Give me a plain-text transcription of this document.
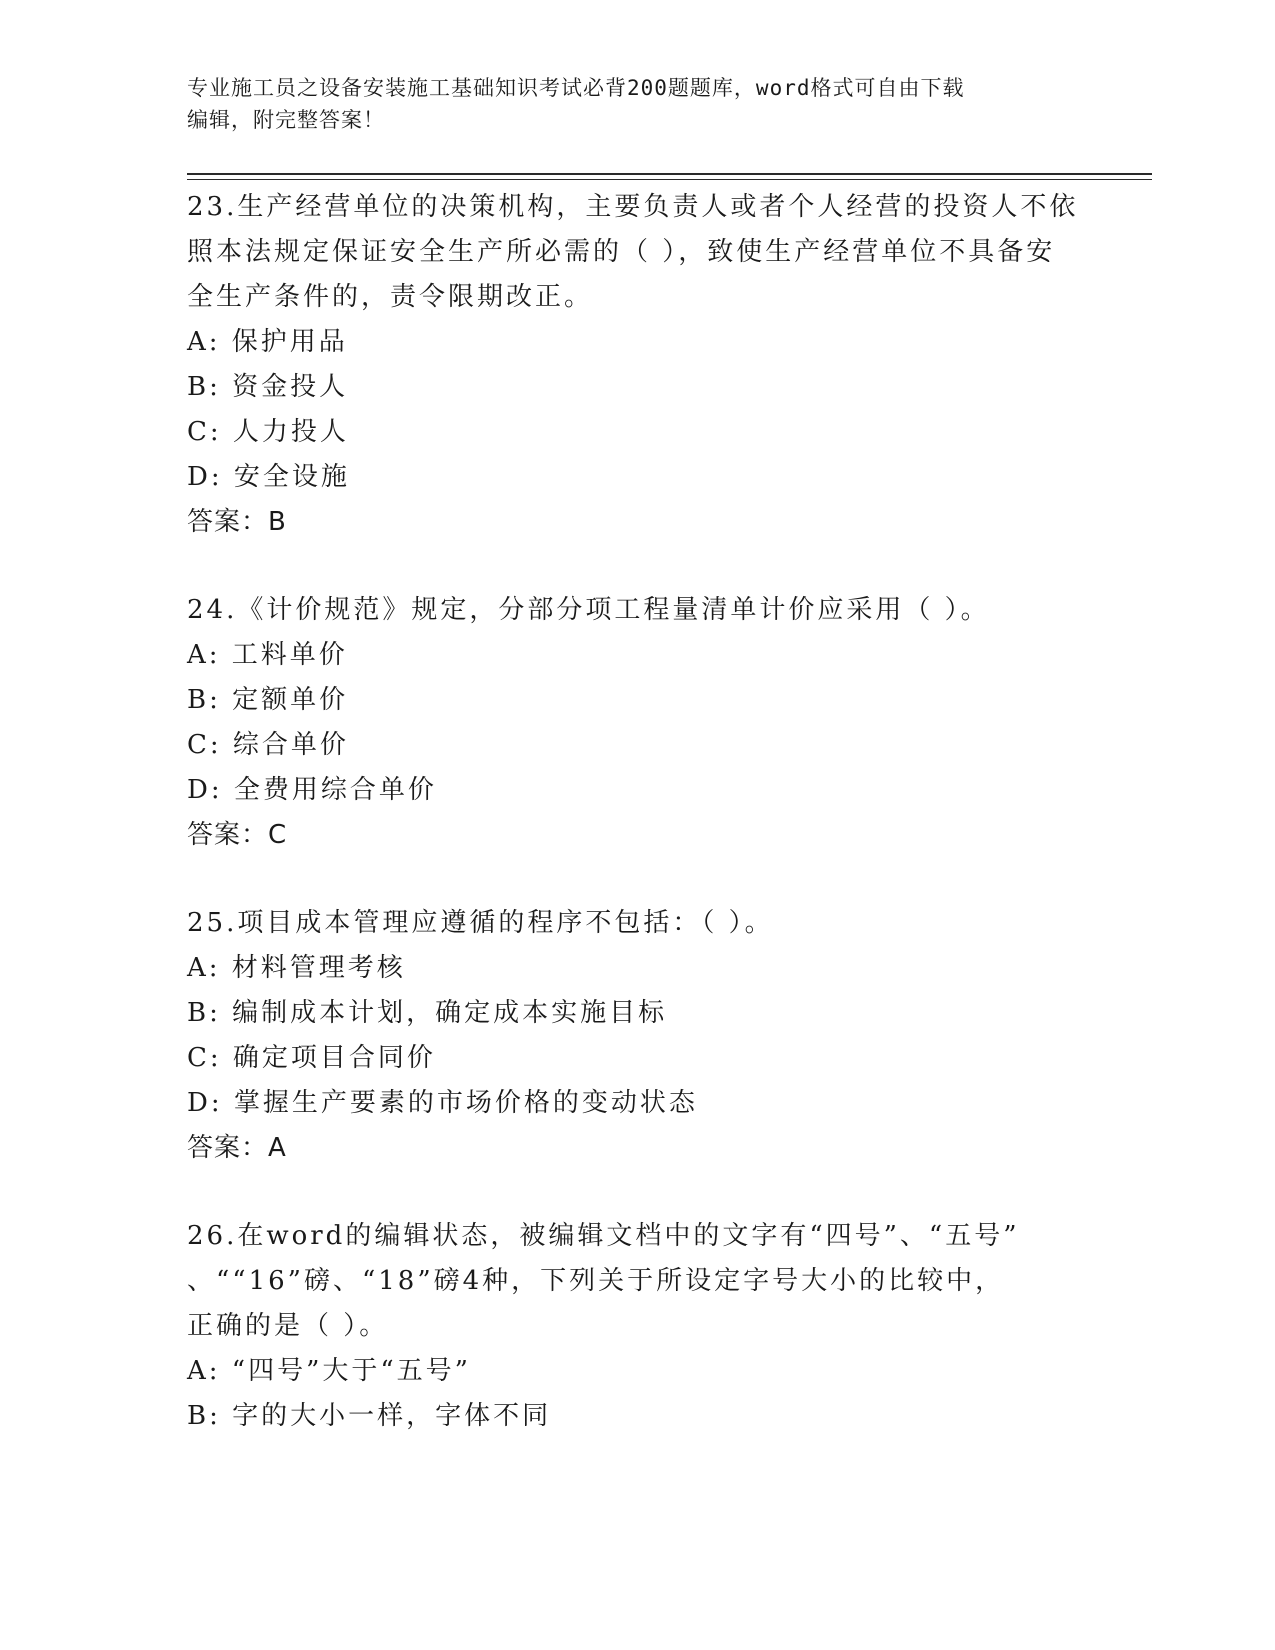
专业施工员之设备安装施工基础知识考试必背200题题库，word格式可自由下载
编辑，附完整答案！
23.生产经营单位的决策机构，主要负责人或者个人经营的投资人不依
照本法规定保证安全生产所必需的（ ），致使生产经营单位不具备安
全生产条件的，责令限期改正。
A: 保护用品
B: 资金投人
C: 人力投人
D: 安全设施
答案：B
24.《计价规范》规定，分部分项工程量清单计价应采用（ ）。
A: 工料单价
B: 定额单价
C: 综合单价
D: 全费用综合单价
答案：C
25.项目成本管理应遵循的程序不包括：（ ）。
A: 材料管理考核
B: 编制成本计划，确定成本实施目标
C: 确定项目合同价
D: 掌握生产要素的市场价格的变动状态
答案：A
26.在word的编辑状态，被编辑文档中的文字有“四号”、“五号”
、““16”磅、“18”磅4种，下列关于所设定字号大小的比较中，
正确的是（ ）。
A: “四号”大于“五号”
B: 字的大小一样，字体不同
